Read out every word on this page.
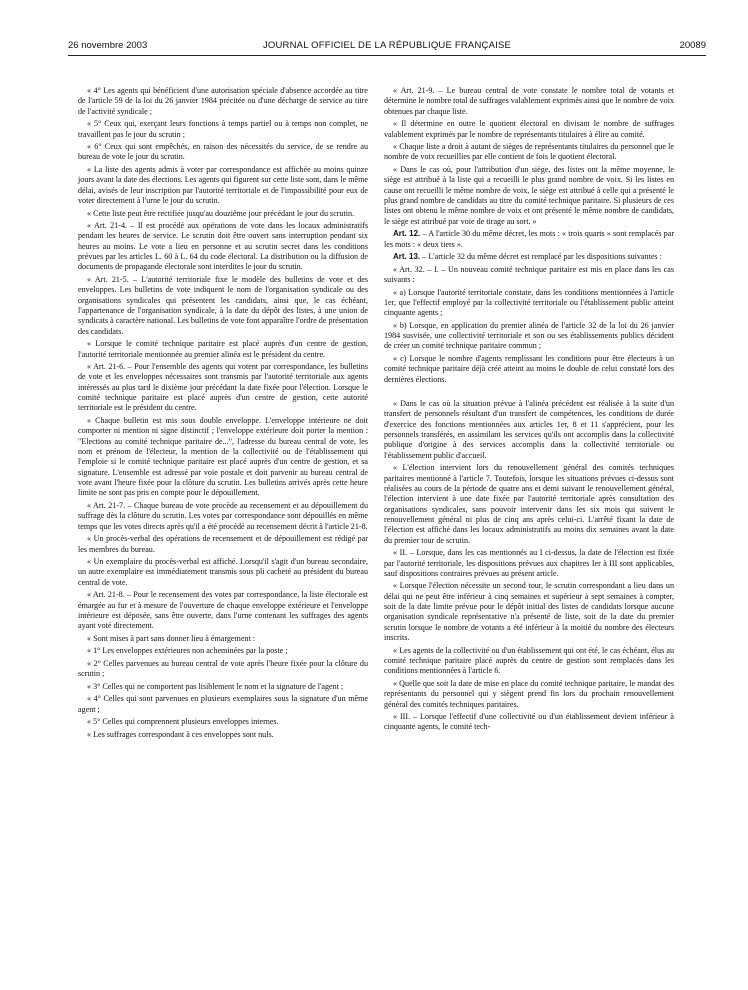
26 novembre 2003	JOURNAL OFFICIEL DE LA RÉPUBLIQUE FRANÇAISE	20089

« 4° Les agents qui bénéficient d'une autorisation spéciale d'absence accordée au titre de l'article 59 de la loi du 26 janvier 1984 précitée ou d'une décharge de service au titre de l'activité syndicale ;

« 5° Ceux qui, exerçant leurs fonctions à temps partiel ou à temps non complet, ne travaillent pas le jour du scrutin ;

« 6° Ceux qui sont empêchés, en raison des nécessités du service, de se rendre au bureau de vote le jour du scrutin.

« La liste des agents admis à voter par correspondance est affichée au moins quinze jours avant la date des élections. Les agents qui figurent sur cette liste sont, dans le même délai, avisés de leur inscription par l'autorité territoriale et de l'impossibilité pour eux de voter directement à l'urne le jour du scrutin.

« Cette liste peut être rectifiée jusqu'au douzième jour précédant le jour du scrutin.

« Art. 21-4. – Il est procédé aux opérations de vote dans les locaux administratifs pendant les heures de service. Le scrutin doit être ouvert sans interruption pendant six heures au moins. Le vote a lieu en personne et au scrutin secret dans les conditions prévues par les articles L. 60 à L. 64 du code électoral. La distribution ou la diffusion de documents de propagande électorale sont interdites le jour du scrutin.

« Art. 21-5. – L'autorité territoriale fixe le modèle des bulletins de vote et des enveloppes. Les bulletins de vote indiquent le nom de l'organisation syndicale ou des organisations syndicales qui présentent les candidats, ainsi que, le cas échéant, l'appartenance de l'organisation syndicale, à la date du dépôt des listes, à une union de syndicats à caractère national. Les bulletins de vote font apparaître l'ordre de présentation des candidats.

« Lorsque le comité technique paritaire est placé auprès d'un centre de gestion, l'autorité territoriale mentionnée au premier alinéa est le président du centre.

« Art. 21-6. – Pour l'ensemble des agents qui votent par correspondance, les bulletins de vote et les enveloppes nécessaires sont transmis par l'autorité territoriale aux agents intéressés au plus tard le dixième jour précédant la date fixée pour l'élection. Lorsque le comité technique paritaire est placé auprès d'un centre de gestion, cette autorité territoriale est le président du centre.

« Chaque bulletin est mis sous double enveloppe. L'enveloppe intérieure ne doit comporter ni mention ni signe distinctif ; l'enveloppe extérieure doit porter la mention : "Elections au comité technique paritaire de...", l'adresse du bureau central de vote, les nom et prénom de l'électeur, la mention de la collectivité ou de l'établissement qui l'emploie si le comité technique paritaire est placé auprès d'un centre de gestion, et sa signature. L'ensemble est adressé par voie postale et doit parvenir au bureau central de vote avant l'heure fixée pour la clôture du scrutin. Les bulletins arrivés après cette heure limite ne sont pas pris en compte pour le dépouillement.

« Art. 21-7. – Chaque bureau de vote procède au recensement et au dépouillement du suffrage dès la clôture du scrutin. Les votes par correspondance sont dépouillés en même temps que les votes directs après qu'il a été procédé au recensement décrit à l'article 21-8.

« Un procès-verbal des opérations de recensement et de dépouillement est rédigé par les membres du bureau.

« Un exemplaire du procès-verbal est affiché. Lorsqu'il s'agit d'un bureau secondaire, un autre exemplaire est immédiatement transmis sous pli cacheté au président du bureau central de vote.

« Art. 21-8. – Pour le recensement des votes par correspondance, la liste électorale est émargée au fur et à mesure de l'ouverture de chaque enveloppe extérieure et l'enveloppe intérieure est déposée, sans être ouverte, dans l'urne contenant les suffrages des agents ayant voté directement.

« Sont mises à part sans donner lieu à émargement :

« 1° Les enveloppes extérieures non acheminées par la poste ;

« 2° Celles parvenues au bureau central de vote après l'heure fixée pour la clôture du scrutin ;

« 3° Celles qui ne comportent pas lisiblement le nom et la signature de l'agent ;

« 4° Celles qui sont parvenues en plusieurs exemplaires sous la signature d'un même agent ;

« 5° Celles qui comprennent plusieurs enveloppes internes.

« Les suffrages correspondant à ces enveloppes sont nuls.

« Art. 21-9. – Le bureau central de vote constate le nombre total de votants et détermine le nombre total de suffrages valablement exprimés ainsi que le nombre de voix obtenues par chaque liste.

« Il détermine en outre le quotient électoral en divisant le nombre de suffrages valablement exprimés par le nombre de représentants titulaires à élire au comité.

« Chaque liste a droit à autant de sièges de représentants titulaires du personnel que le nombre de voix recueillies par elle contient de fois le quotient électoral.

« Dans le cas où, pour l'attribution d'un siège, des listes ont la même moyenne, le siège est attribué à la liste qui a recueilli le plus grand nombre de voix. Si les listes en cause ont recueilli le même nombre de voix, le siège est attribué à celle qui a présenté le plus grand nombre de candidats au titre du comité technique paritaire. Si plusieurs de ces listes ont obtenu le même nombre de voix et ont présenté le même nombre de candidats, le siège est attribué par voie de tirage au sort. »

Art. 12. – A l'article 30 du même décret, les mots : « trois quarts » sont remplacés par les mots : « deux tiers ».

Art. 13. – L'article 32 du même décret est remplacé par les dispositions suivantes :

« Art. 32. – I. – Un nouveau comité technique paritaire est mis en place dans les cas suivants :

« a) Lorsque l'autorité territoriale constate, dans les conditions mentionnées à l'article 1er, que l'effectif employé par la collectivité territoriale ou l'établissement public atteint cinquante agents ;

« b) Lorsque, en application du premier alinéa de l'article 32 de la loi du 26 janvier 1984 susvisée, une collectivité territoriale et son ou ses établissements publics décident de créer un comité technique paritaire commun ;

« c) Lorsque le nombre d'agents remplissant les conditions pour être électeurs à un comité technique paritaire déjà créé atteint au moins le double de celui constaté lors des dernières élections.

« Dans le cas où la situation prévue à l'alinéa précédent est réalisée à la suite d'un transfert de personnels résultant d'un transfert de compétences, les conditions de durée d'exercice des fonctions mentionnées aux articles 1er, 8 et 11 s'apprécient, pour les personnels transférés, en assimilant les services qu'ils ont accomplis dans la collectivité publique d'origine à des services accomplis dans la collectivité territoriale ou l'établissement public d'accueil.

« L'élection intervient lors du renouvellement général des comités techniques paritaires mentionné à l'article 7. Toutefois, lorsque les situations prévues ci-dessus sont réalisées au cours de la période de quatre ans et demi suivant le renouvellement général, l'élection intervient à une date fixée par l'autorité territoriale après consultation des organisations syndicales, sans pouvoir intervenir dans les six mois qui suivent le renouvellement général ni plus de cinq ans après celui-ci. L'arrêté fixant la date de l'élection est affiché dans les locaux administratifs au moins dix semaines avant la date du premier tour de scrutin.

« II. – Lorsque, dans les cas mentionnés au I ci-dessus, la date de l'élection est fixée par l'autorité territoriale, les dispositions prévues aux chapitres Ier à III sont applicables, sauf dispositions contraires prévues au présent article.

« Lorsque l'élection nécessite un second tour, le scrutin correspondant a lieu dans un délai qui ne peut être inférieur à cinq semaines et supérieur à sept semaines à compter, soit de la date limite prévue pour le dépôt initial des listes de candidats lorsque aucune organisation syndicale représentative n'a présenté de liste, soit de la date du premier scrutin lorsque le nombre de votants a été inférieur à la moitié du nombre des électeurs inscrits.

« Les agents de la collectivité ou d'un établissement qui ont été, le cas échéant, élus au comité technique paritaire placé auprès du centre de gestion sont remplacés dans les conditions mentionnées à l'article 6.

« Quelle que soit la date de mise en place du comité technique paritaire, le mandat des représentants du personnel qui y siègent prend fin lors du prochain renouvellement général des comités techniques paritaires.

« III. – Lorsque l'effectif d'une collectivité ou d'un établissement devient inférieur à cinquante agents, le comité tech-
